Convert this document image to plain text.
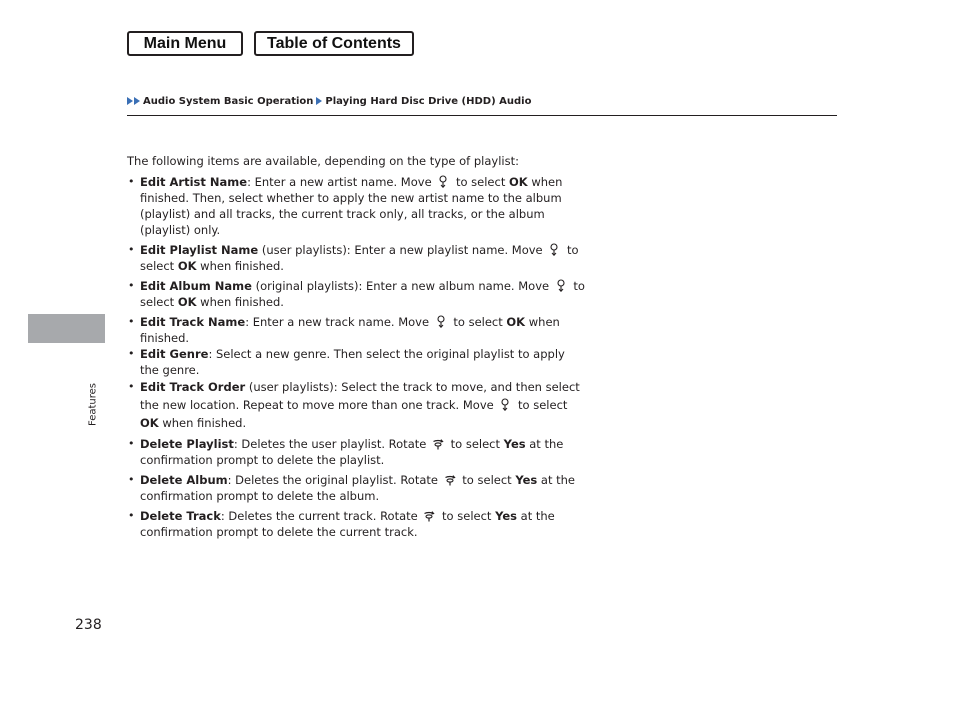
Main Menu	Table of Contents
Audio System Basic Operation Playing Hard Disc Drive (HDD) Audio
Features

The following items are available, depending on the type of playlist:

• Edit Artist Name: Enter a new artist name. Move  to select OK when finished. Then, select whether to apply the new artist name to the album (playlist) and all tracks, the current track only, all tracks, or the album (playlist) only.
• Edit Playlist Name (user playlists): Enter a new playlist name. Move  to select OK when finished.
• Edit Album Name (original playlists): Enter a new album name. Move  to select OK when finished.
• Edit Track Name: Enter a new track name. Move  to select OK when finished.
• Edit Genre: Select a new genre. Then select the original playlist to apply the genre.
• Edit Track Order (user playlists): Select the track to move, and then select the new location. Repeat to move more than one track. Move  to select OK when finished.
• Delete Playlist: Deletes the user playlist. Rotate  to select Yes at the confirmation prompt to delete the playlist.
• Delete Album: Deletes the original playlist. Rotate  to select Yes at the confirmation prompt to delete the album.
• Delete Track: Deletes the current track. Rotate  to select Yes at the confirmation prompt to delete the current track.
238
